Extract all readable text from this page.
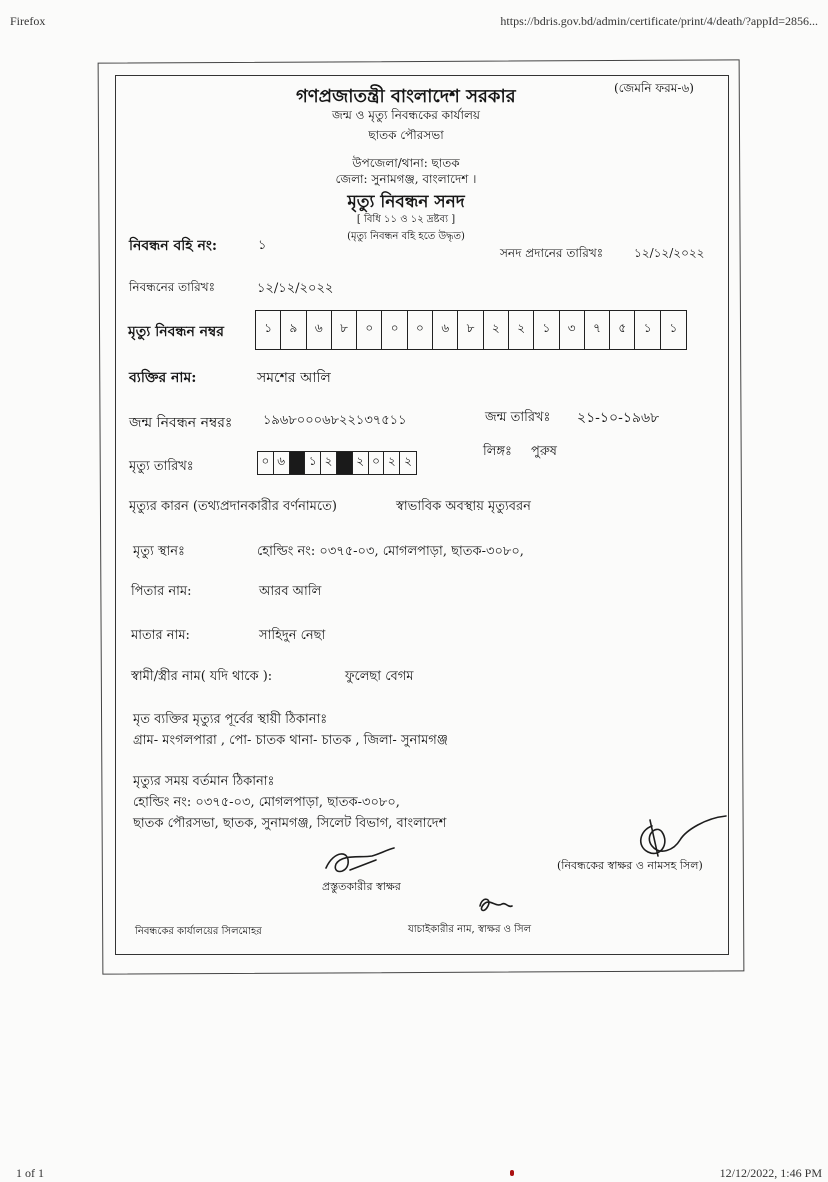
Firefox	https://bdris.gov.bd/admin/certificate/print/4/death/?appId=2856...
গণপ্রজাতন্ত্রী বাংলাদেশ সরকার	(জেমনি ফরম-৬)
জন্ম ও মৃত্যু নিবন্ধকের কার্যালয়
ছাতক পৌরসভা
উপজেলা/থানা: ছাতক
জেলা: সুনামগঞ্জ, বাংলাদেশ ।
মৃত্যু নিবন্ধন সনদ
[ বিধি ১১ ও ১২ দ্রষ্টব্য ]
(মৃত্যু নিবন্ধন বহি হতে উদ্ধৃত)
নিবন্ধন বহি নং:	১	সনদ প্রদানের তারিখঃ	১২/১২/২০২২
নিবন্ধনের তারিখঃ	১২/১২/২০২২
মৃত্যু নিবন্ধন নম্বর	১	৯	৬	৮	০	০	০	৬	৮	২	২	১	৩	৭	৫	১	১
ব্যক্তির নাম:	সমশের আলি
জন্ম নিবন্ধন নম্বরঃ ১৯৬৮০০০৬৮২২১৩৭৫১১	জন্ম তারিখঃ ২১-১০-১৯৬৮
লিঙ্গঃ পুরুষ
মৃত্যু তারিখঃ	০ ৬	১ ২	২ ০ ২ ২
মৃত্যুর কারন (তথ্যপ্রদানকারীর বর্ণনামতে)	স্বাভাবিক অবস্থায় মৃত্যুবরন
মৃত্যু স্থানঃ	হোল্ডিং নং: ০৩৭৫-০৩, মোগলপাড়া, ছাতক-৩০৮০,
পিতার নাম:	আরব আলি
মাতার নাম:	সাহিদুন নেছা
স্বামী/স্ত্রীর নাম( যদি থাকে ):	ফুলেছা বেগম
মৃত ব্যক্তির মৃত্যুর পূর্বের স্থায়ী ঠিকানাঃ
গ্রাম- মংগলপারা , পো- চাতক থানা- চাতক , জিলা- সুনামগঞ্জ
মৃত্যুর সময় বর্তমান ঠিকানাঃ
হোল্ডিং নং: ০৩৭৫-০৩, মোগলপাড়া, ছাতক-৩০৮০,
ছাতক পৌরসভা, ছাতক, সুনামগঞ্জ, সিলেট বিভাগ, বাংলাদেশ
(নিবন্ধকের স্বাক্ষর ও নামসহ সিল)
প্রস্তুতকারীর স্বাক্ষর
নিবন্ধকের কার্যালয়ের সিলমোহর	যাচাইকারীর নাম, স্বাক্ষর ও সিল
1 of 1	12/12/2022, 1:46 PM
